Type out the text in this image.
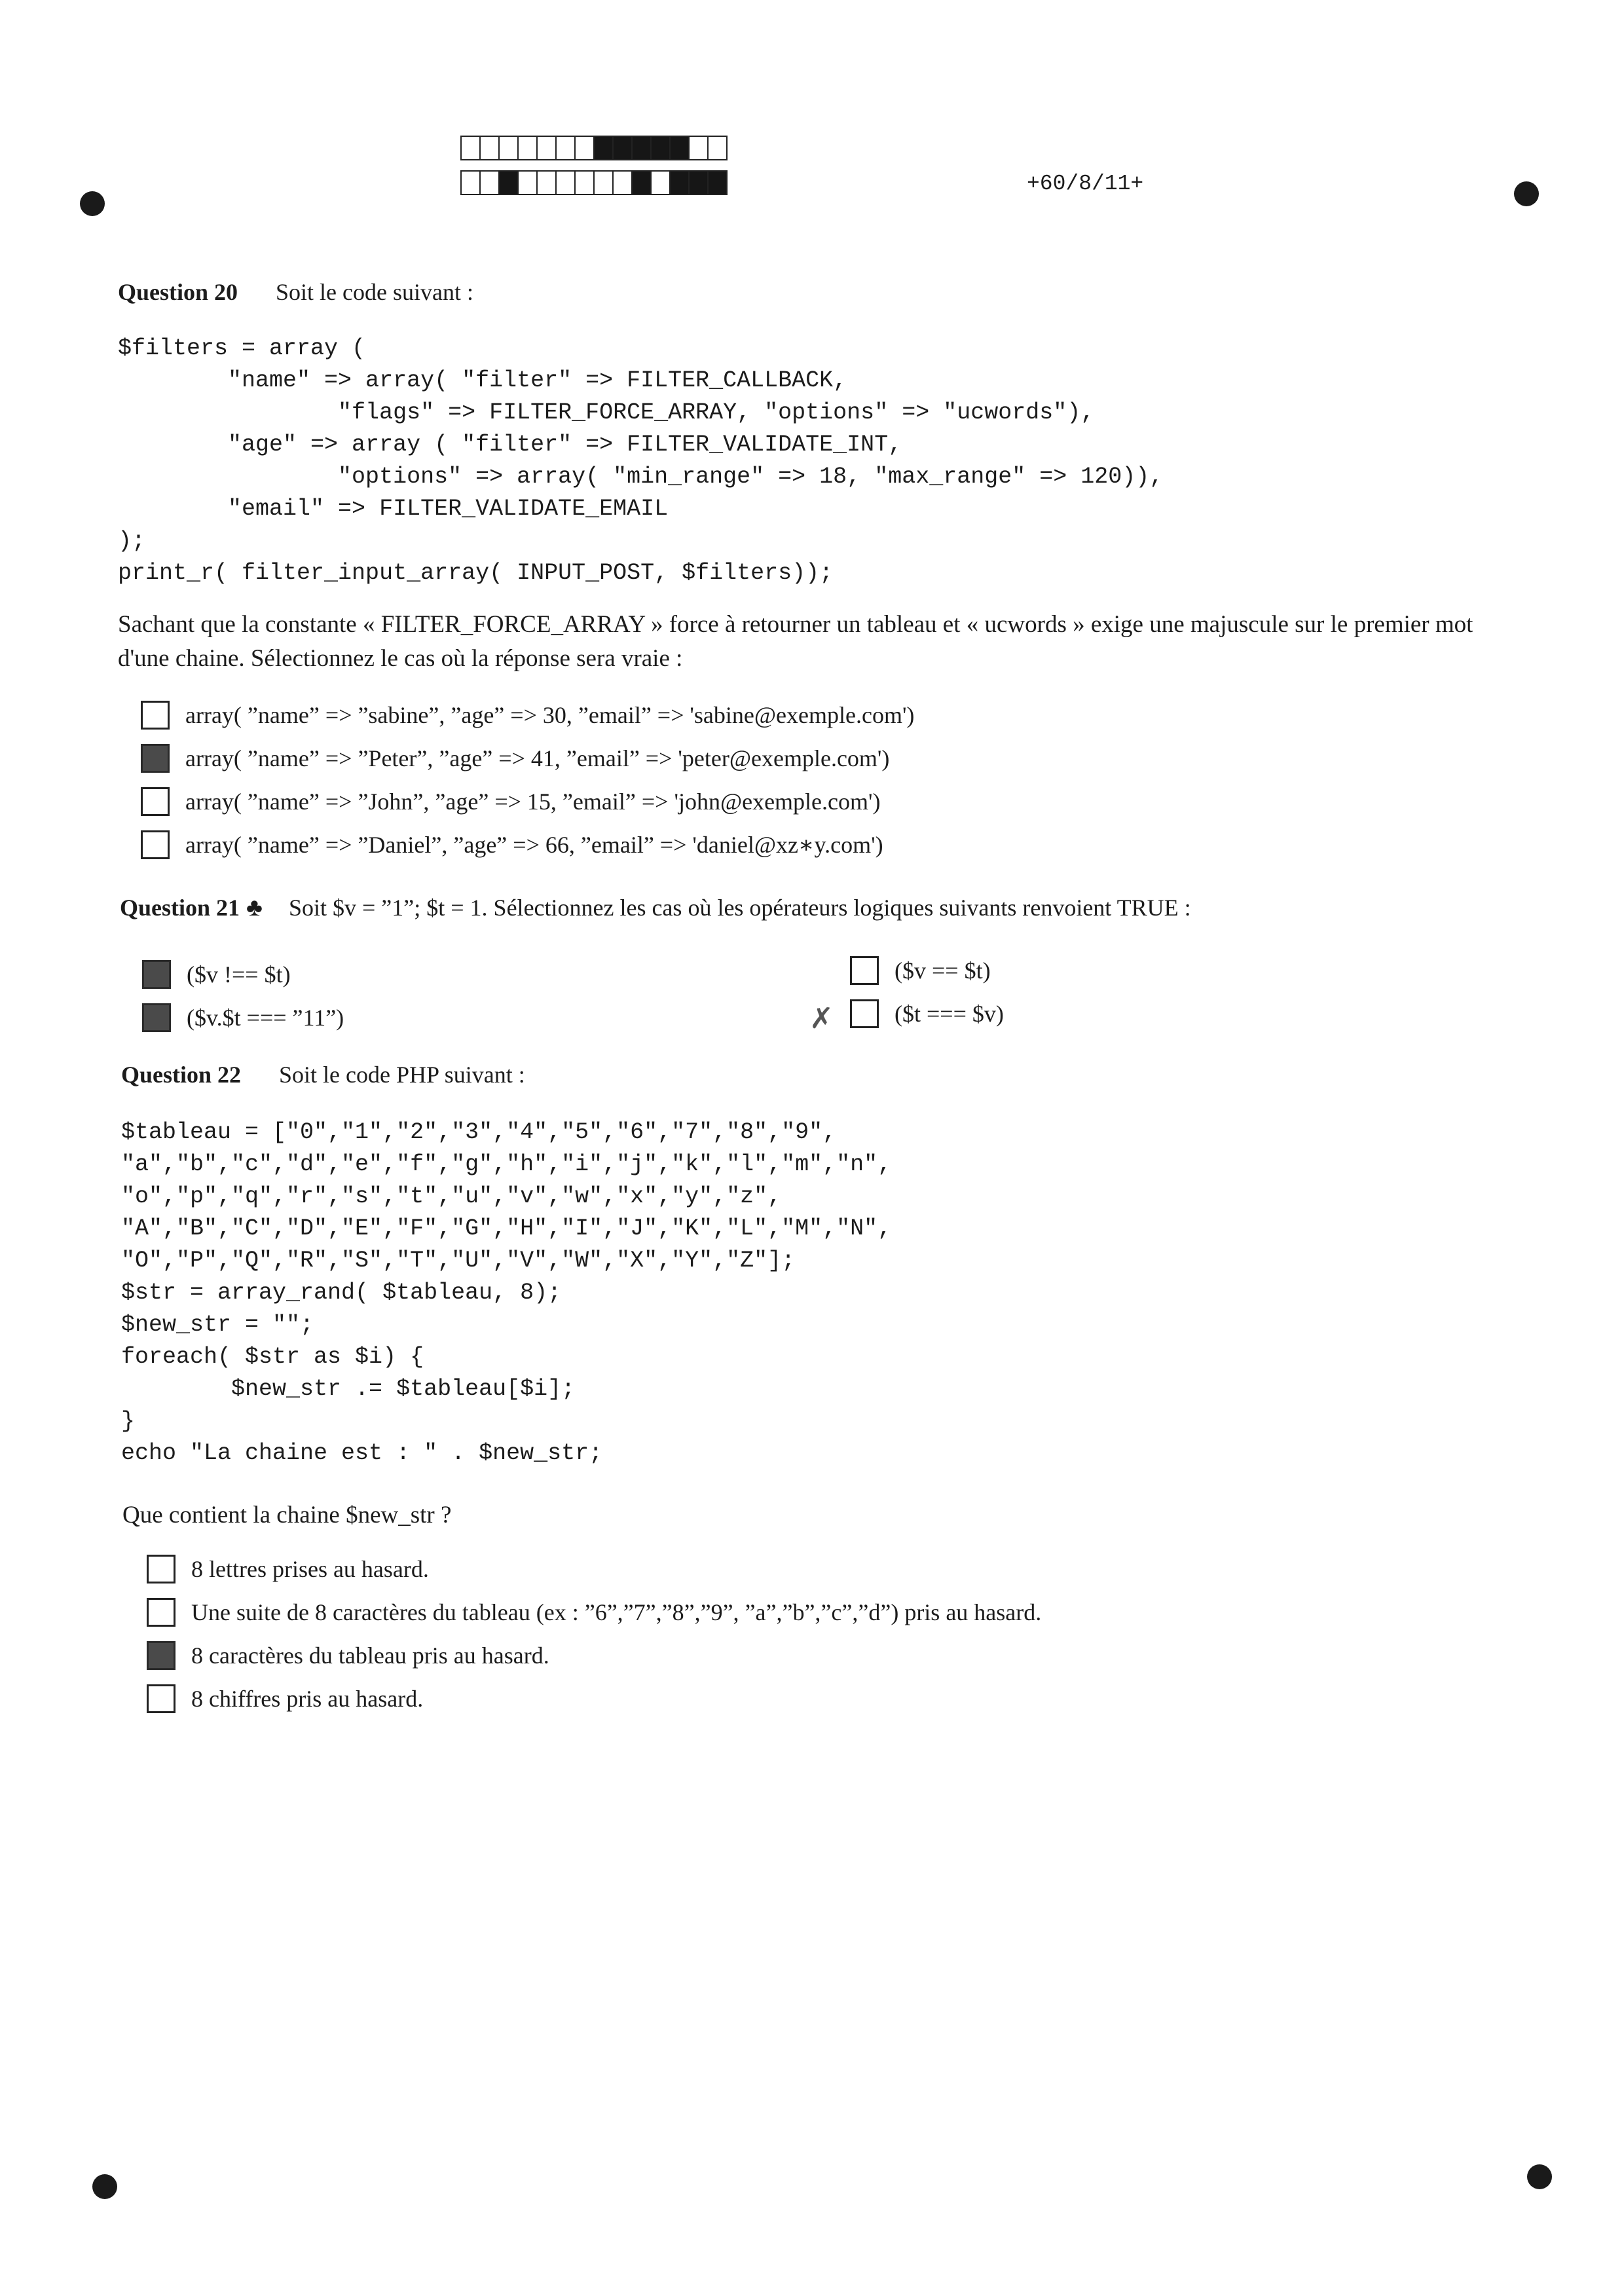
+60/8/11+
Question 20 Soit le code suivant :
$filters = array (
"name" => array( "filter" => FILTER_CALLBACK,
"flags" => FILTER_FORCE_ARRAY, "options" => "ucwords"),
"age" => array ( "filter" => FILTER_VALIDATE_INT,
"options" => array( "min_range" => 18, "max_range" => 120)),
"email" => FILTER_VALIDATE_EMAIL
);
print_r( filter_input_array( INPUT_POST, $filters));
Sachant que la constante « FILTER_FORCE_ARRAY » force à retourner un tableau et « ucwords » exige une majuscule sur le premier mot d'une chaine. Sélectionnez le cas où la réponse sera vraie :
array( ”name” => ”sabine”, ”age” => 30, ”email” => 'sabine@exemple.com')
array( ”name” => ”Peter”, ”age” => 41, ”email” => 'peter@exemple.com')
array( ”name” => ”John”, ”age” => 15, ”email” => 'john@exemple.com')
array( ”name” => ”Daniel”, ”age” => 66, ”email” => 'daniel@xz∗y.com')
Question 21 ♣ Soit $v = ”1”; $t = 1. Sélectionnez les cas où les opérateurs logiques suivants renvoient TRUE :
($v !== $t)
($v.$t === ”11”)
($v == $t)
($t === $v)
✗
Question 22 Soit le code PHP suivant :
$tableau = ["0","1","2","3","4","5","6","7","8","9",
"a","b","c","d","e","f","g","h","i","j","k","l","m","n",
"o","p","q","r","s","t","u","v","w","x","y","z",
"A","B","C","D","E","F","G","H","I","J","K","L","M","N",
"O","P","Q","R","S","T","U","V","W","X","Y","Z"];
$str = array_rand( $tableau, 8);
$new_str = "";
foreach( $str as $i) {
$new_str .= $tableau[$i];
}
echo "La chaine est : " . $new_str;
Que contient la chaine $new_str ?
8 lettres prises au hasard.
Une suite de 8 caractères du tableau (ex : ”6”,”7”,”8”,”9”, ”a”,”b”,”c”,”d”) pris au hasard.
8 caractères du tableau pris au hasard.
8 chiffres pris au hasard.
